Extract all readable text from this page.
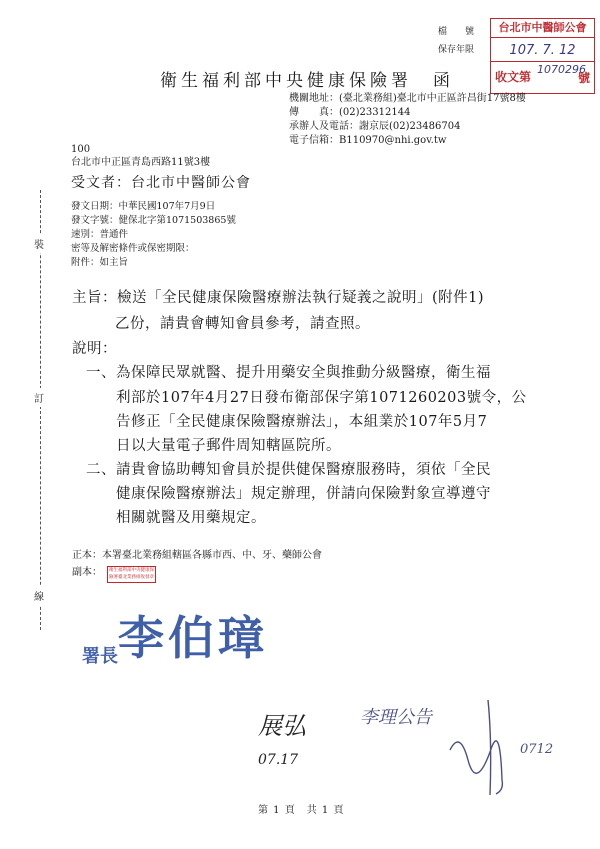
檔　　號
保存年限
台北市中醫師公會
107. 7. 12
收文第
1070296
號
衛生福利部中央健康保險署　函
機關地址：(臺北業務組)臺北市中正區許昌街17號8樓
傳　　真：(02)23312144
承辦人及電話：謝京辰(02)23486704
電子信箱：B110970@nhi.gov.tw
100
台北市中正區青島西路11號3樓
受文者：台北市中醫師公會
發文日期：中華民國107年7月9日
發文字號：健保北字第1071503865號
速別：普通件
密等及解密條件或保密期限：
附件：如主旨
裝
訂
線
主旨：檢送「全民健康保險醫療辦法執行疑義之說明」(附件1)
乙份，請貴會轉知會員參考，請查照。
說明：
一、為保障民眾就醫、提升用藥安全與推動分級醫療，衛生福
利部於107年4月27日發布衛部保字第1071260203號令，公
告修正「全民健康保險醫療辦法」，本組業於107年5月7
日以大量電子郵件周知轄區院所。
二、請貴會協助轉知會員於提供健保醫療服務時，須依「全民
健康保險醫療辦法」規定辦理，併請向保險對象宣導遵守
相關就醫及用藥規定。
正本：本署臺北業務組轄區各縣市西、中、牙、藥師公會
副本：	衛生福利部中央健康保險署臺北業務組收發章
署長李伯璋
展弘
07.17
李理公告
0712
第 1 頁　共 1 頁
